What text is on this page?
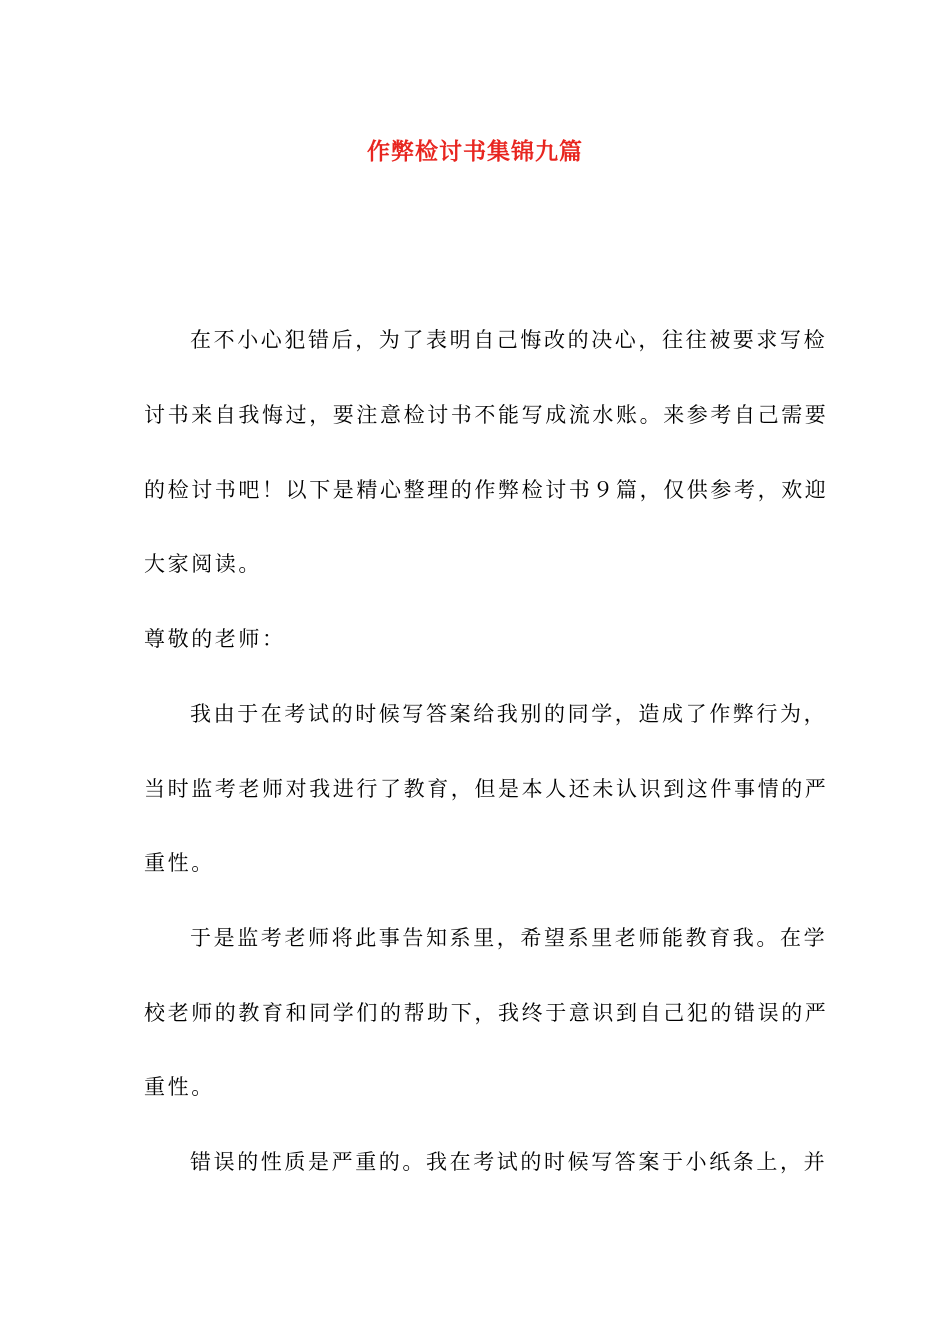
作弊检讨书集锦九篇
在不小心犯错后，为了表明自己悔改的决心，往往被要求写检
讨书来自我悔过，要注意检讨书不能写成流水账。来参考自己需要
的检讨书吧！以下是精心整理的作弊检讨书９篇，仅供参考，欢迎
大家阅读。
尊敬的老师：
我由于在考试的时候写答案给我别的同学，造成了作弊行为，
当时监考老师对我进行了教育，但是本人还未认识到这件事情的严
重性。
于是监考老师将此事告知系里，希望系里老师能教育我。在学
校老师的教育和同学们的帮助下，我终于意识到自己犯的错误的严
重性。
错误的性质是严重的。我在考试的时候写答案于小纸条上，并
